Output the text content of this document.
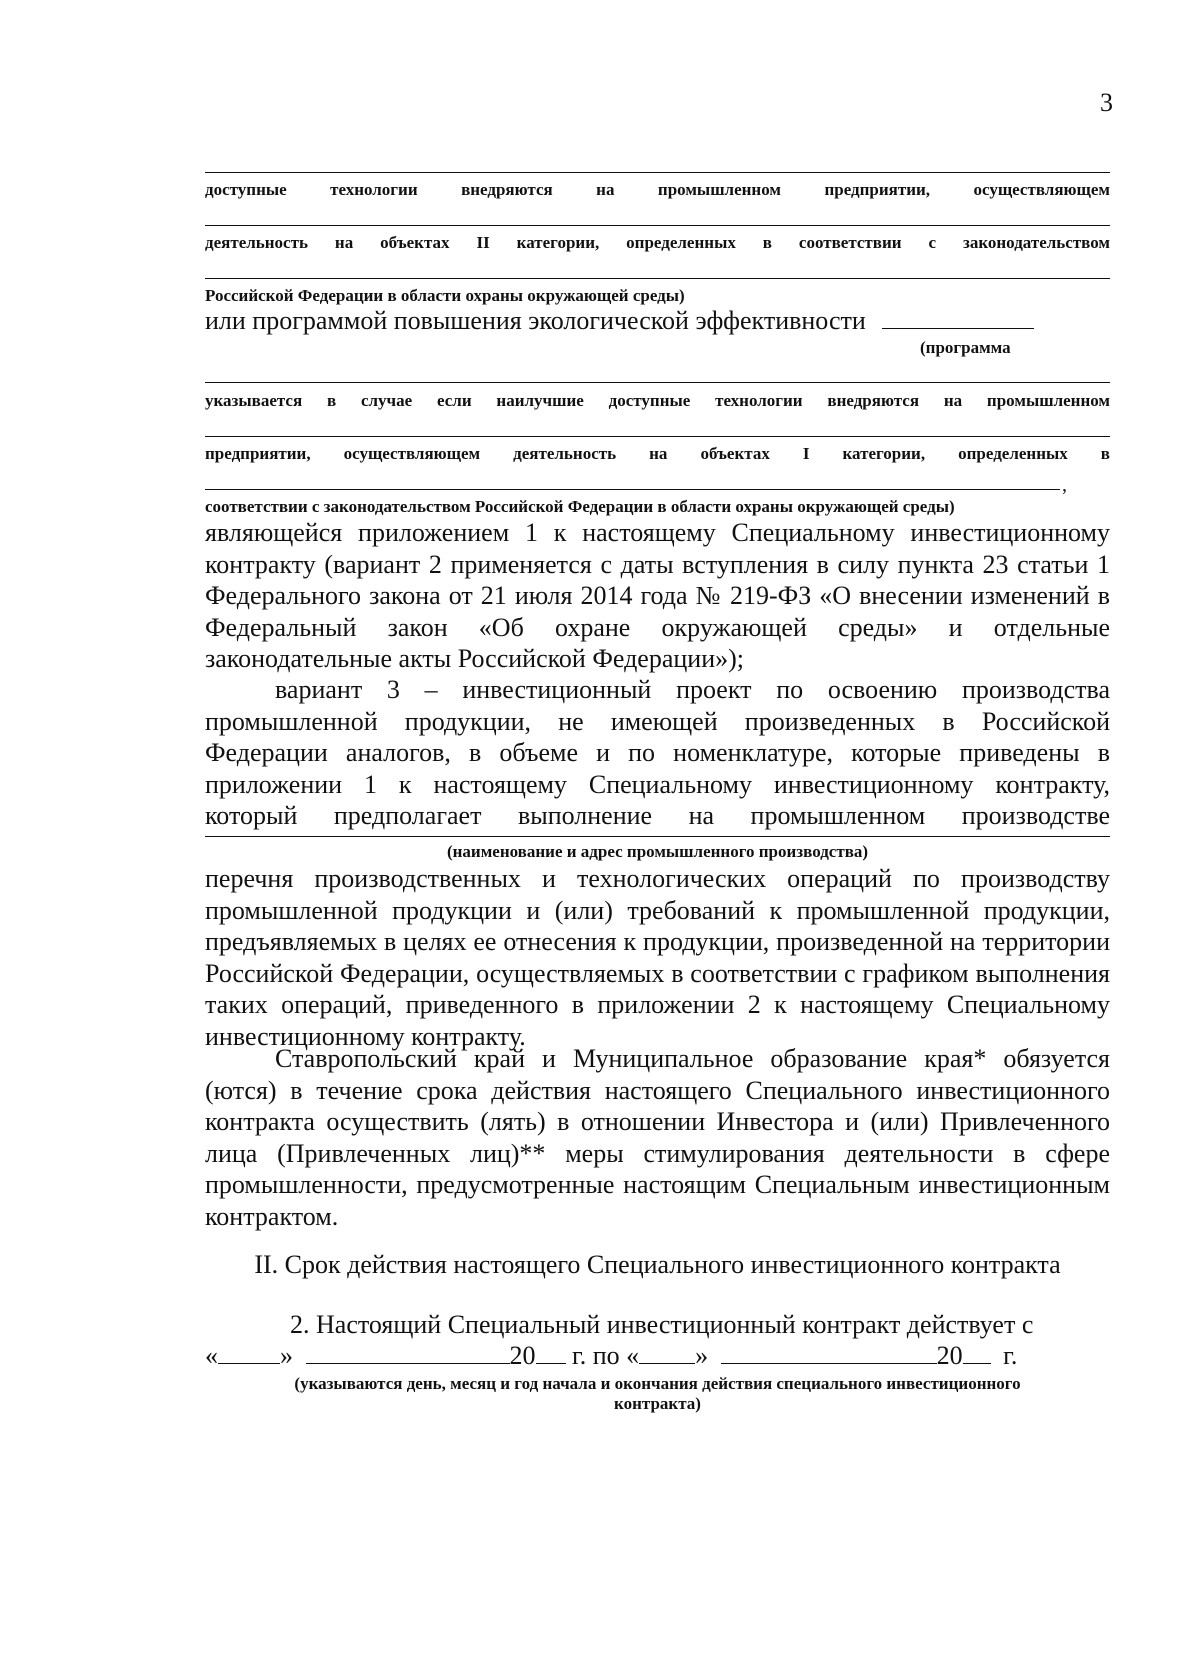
3
доступные технологии внедряются на промышленном предприятии, осуществляющем
деятельность на объектах II категории, определенных в соответствии с законодательством
Российской Федерации в области охраны окружающей среды)
или программой повышения экологической эффективности
(программа
указывается в случае если наилучшие доступные технологии внедряются на промышленном
предприятии, осуществляющем деятельность на объектах I категории, определенных в
,
соответствии с законодательством Российской Федерации в области охраны окружающей среды)
являющейся приложением 1 к настоящему Специальному инвестиционному контракту (вариант 2 применяется с даты вступления в силу пункта 23 статьи 1 Федерального закона от 21 июля 2014 года № 219-ФЗ «О внесении изменений в Федеральный закон «Об охране окружающей среды» и отдельные законодательные акты Российской Федерации»);
вариант 3 – инвестиционный проект по освоению производства промышленной продукции, не имеющей произведенных в Российской Федерации аналогов, в объеме и по номенклатуре, которые приведены в приложении 1 к настоящему Специальному инвестиционному контракту, который предполагает выполнение на промышленном производстве
(наименование и адрес промышленного производства)
перечня производственных и технологических операций по производству промышленной продукции и (или) требований к промышленной продукции, предъявляемых в целях ее отнесения к продукции, произведенной на территории Российской Федерации, осуществляемых в соответствии с графиком выполнения таких операций, приведенного в приложении 2 к настоящему Специальному инвестиционному контракту.
Ставропольский край и Муниципальное образование края* обязуется (ются) в течение срока действия настоящего Специального инвестиционного контракта осуществить (лять) в отношении Инвестора и (или) Привлеченного лица (Привлеченных лиц)** меры стимулирования деятельности в сфере промышленности, предусмотренные настоящим Специальным инвестиционным контрактом.
II. Срок действия настоящего Специального инвестиционного контракта
2. Настоящий Специальный инвестиционный контракт действует с
« »	20 г. по « »	20 г.
(указываются день, месяц и год начала и окончания действия специального инвестиционного
контракта)
